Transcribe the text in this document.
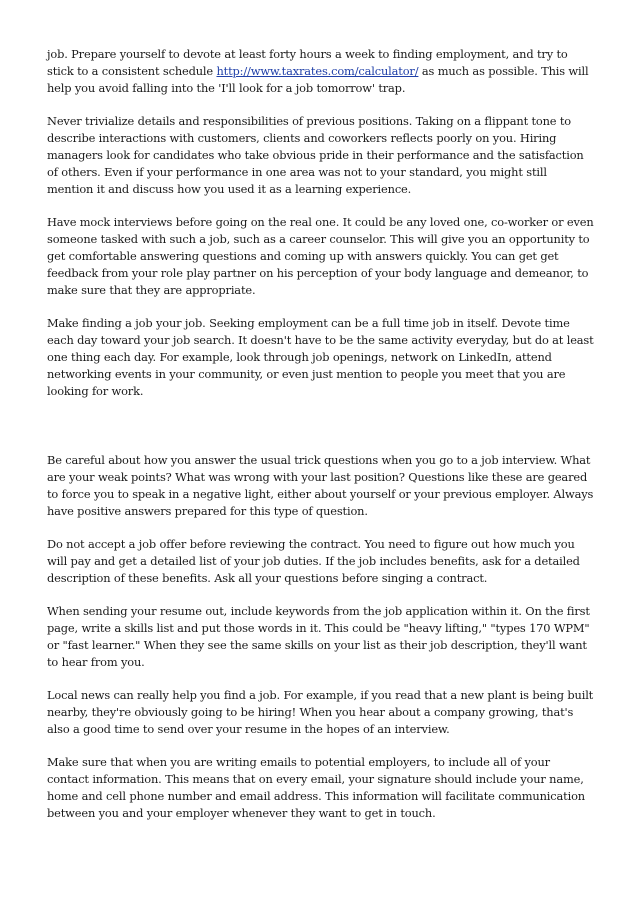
job. Prepare yourself to devote at least forty hours a week to finding employment, and try to stick to a consistent schedule http://www.taxrates.com/calculator/ as much as possible. This will help you avoid falling into the 'I'll look for a job tomorrow' trap.

Never trivialize details and responsibilities of previous positions. Taking on a flippant tone to describe interactions with customers, clients and coworkers reflects poorly on you. Hiring managers look for candidates who take obvious pride in their performance and the satisfaction of others. Even if your performance in one area was not to your standard, you might still mention it and discuss how you used it as a learning experience.

Have mock interviews before going on the real one. It could be any loved one, co-worker or even someone tasked with such a job, such as a career counselor. This will give you an opportunity to get comfortable answering questions and coming up with answers quickly. You can get get feedback from your role play partner on his perception of your body language and demeanor, to make sure that they are appropriate.

Make finding a job your job. Seeking employment can be a full time job in itself. Devote time each day toward your job search. It doesn't have to be the same activity everyday, but do at least one thing each day. For example, look through job openings, network on LinkedIn, attend networking events in your community, or even just mention to people you meet that you are looking for work.

Be careful about how you answer the usual trick questions when you go to a job interview. What are your weak points? What was wrong with your last position? Questions like these are geared to force you to speak in a negative light, either about yourself or your previous employer. Always have positive answers prepared for this type of question.

Do not accept a job offer before reviewing the contract. You need to figure out how much you will pay and get a detailed list of your job duties. If the job includes benefits, ask for a detailed description of these benefits. Ask all your questions before singing a contract.

When sending your resume out, include keywords from the job application within it. On the first page, write a skills list and put those words in it. This could be "heavy lifting," "types 170 WPM" or "fast learner." When they see the same skills on your list as their job description, they'll want to hear from you.

Local news can really help you find a job. For example, if you read that a new plant is being built nearby, they're obviously going to be hiring! When you hear about a company growing, that's also a good time to send over your resume in the hopes of an interview.

Make sure that when you are writing emails to potential employers, to include all of your contact information. This means that on every email, your signature should include your name, home and cell phone number and email address. This information will facilitate communication between you and your employer whenever they want to get in touch.
